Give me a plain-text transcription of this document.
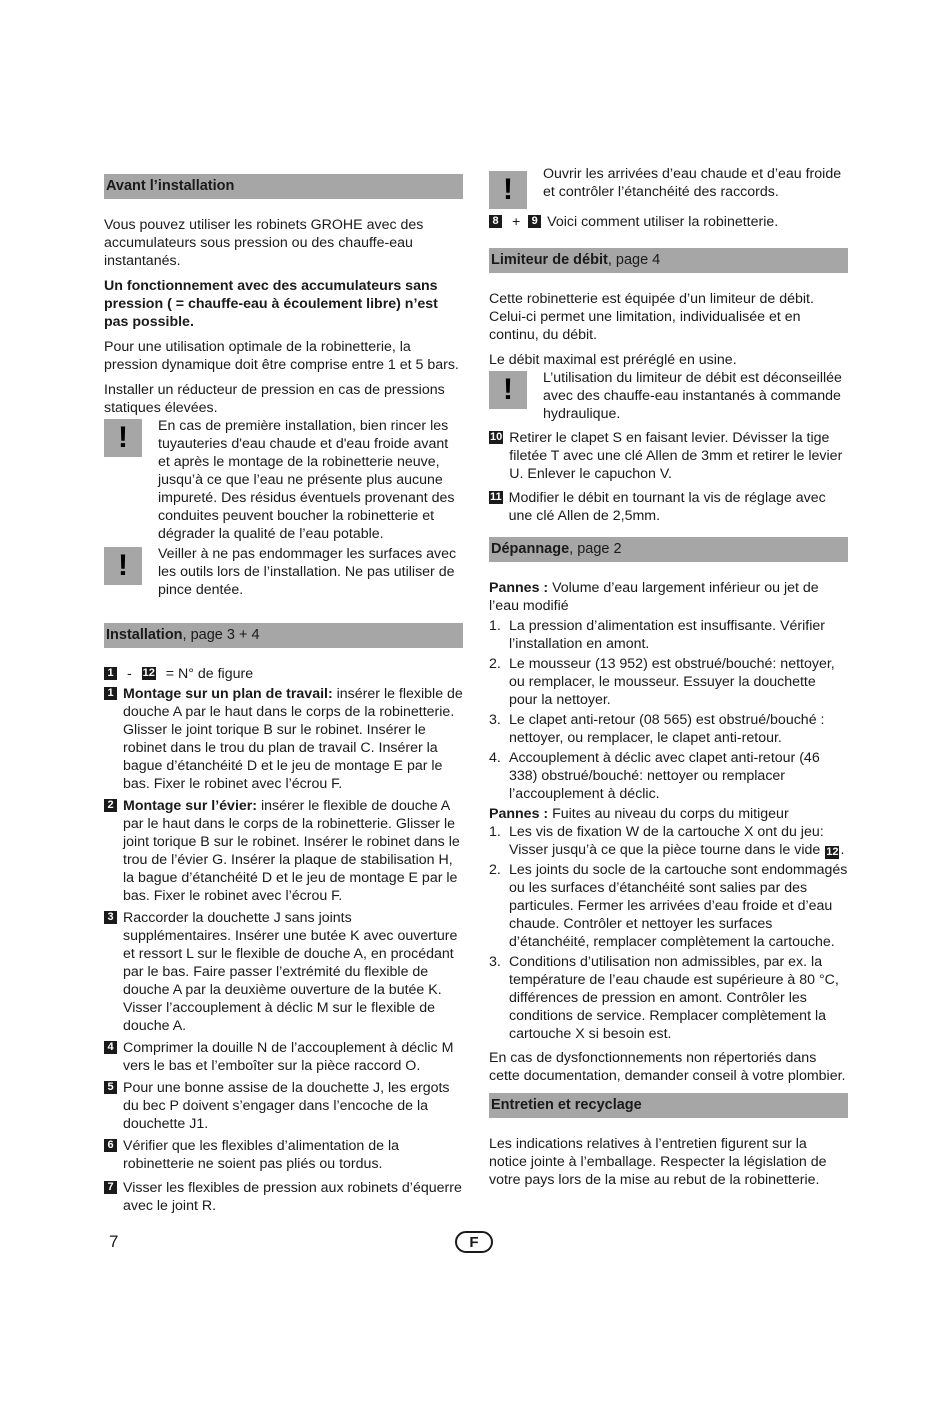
Avant l’installation

Vous pouvez utiliser les robinets GROHE avec des accumulateurs sous pression ou des chauffe-eau instantanés.

Un fonctionnement avec des accumulateurs sans pression ( = chauffe-eau à écoulement libre) n’est pas possible.

Pour une utilisation optimale de la robinetterie, la pression dynamique doit être comprise entre 1 et 5 bars.

Installer un réducteur de pression en cas de pressions statiques élevées.

!	En cas de première installation, bien rincer les tuyauteries d'eau chaude et d'eau froide avant et après le montage de la robinetterie neuve, jusqu’à ce que l’eau ne présente plus aucune impureté. Des résidus éventuels provenant des conduites peuvent boucher la robinetterie et dégrader la qualité de l’eau potable.
!	Veiller à ne pas endommager les surfaces avec les outils lors de l’installation. Ne pas utiliser de pince dentée.
Installation, page 3 + 4
1 - 12 = N° de figure
1 Montage sur un plan de travail: insérer le flexible de douche A par le haut dans le corps de la robinetterie. Glisser le joint torique B sur le robinet. Insérer le robinet dans le trou du plan de travail C. Insérer la bague d’étanchéité D et le jeu de montage E par le bas. Fixer le robinet avec l’écrou F.
2 Montage sur l’évier: insérer le flexible de douche A par le haut dans le corps de la robinetterie. Glisser le joint torique B sur le robinet. Insérer le robinet dans le trou de l’évier G. Insérer la plaque de stabilisation H, la bague d’étanchéité D et le jeu de montage E par le bas. Fixer le robinet avec l’écrou F.
3 Raccorder la douchette J sans joints supplémentaires. Insérer une butée K avec ouverture et ressort L sur le flexible de douche A, en procédant par le bas. Faire passer l’extrémité du flexible de douche A par la deuxième ouverture de la butée K. Visser l’accouplement à déclic M sur le flexible de douche A.
4 Comprimer la douille N de l’accouplement à déclic M vers le bas et l’emboîter sur la pièce raccord O.
5 Pour une bonne assise de la douchette J, les ergots du bec P doivent s’engager dans l’encoche de la douchette J1.
6 Vérifier que les flexibles d’alimentation de la robinetterie ne soient pas pliés ou tordus.
7 Visser les flexibles de pression aux robinets d’équerre avec le joint R.
!	Ouvrir les arrivées d’eau chaude et d’eau froide et contrôler l’étanchéité des raccords.
8 + 9 Voici comment utiliser la robinetterie.
Limiteur de débit, page 4

Cette robinetterie est équipée d’un limiteur de débit. Celui-ci permet une limitation, individualisée et en continu, du débit.

Le débit maximal est préréglé en usine.

!	L’utilisation du limiteur de débit est déconseillée avec des chauffe-eau instantanés à commande hydraulique.
10 Retirer le clapet S en faisant levier. Dévisser la tige filetée T avec une clé Allen de 3mm et retirer le levier U. Enlever le capuchon V.
11 Modifier le débit en tournant la vis de réglage avec une clé Allen de 2,5mm.
Dépannage, page 2

Pannes : Volume d’eau largement inférieur ou jet de l’eau modifié

1. La pression d’alimentation est insuffisante. Vérifier l’installation en amont.
2. Le mousseur (13 952) est obstrué/bouché: nettoyer, ou remplacer, le mousseur. Essuyer la douchette pour la nettoyer.
3. Le clapet anti-retour (08 565) est obstrué/bouché : nettoyer, ou remplacer, le clapet anti-retour.
4. Accouplement à déclic avec clapet anti-retour (46 338) obstrué/bouché: nettoyer ou remplacer l’accouplement à déclic.

Pannes : Fuites au niveau du corps du mitigeur

1. Les vis de fixation W de la cartouche X ont du jeu: Visser jusqu’à ce que la pièce tourne dans le vide 12 .
2. Les joints du socle de la cartouche sont endommagés ou les surfaces d’étanchéité sont salies par des particules. Fermer les arrivées d’eau froide et d’eau chaude. Contrôler et nettoyer les surfaces d’étanchéité, remplacer complètement la cartouche.
3. Conditions d’utilisation non admissibles, par ex. la température de l’eau chaude est supérieure à 80 °C, différences de pression en amont. Contrôler les conditions de service. Remplacer complètement la cartouche X si besoin est.

En cas de dysfonctionnements non répertoriés dans cette documentation, demander conseil à votre plombier.

Entretien et recyclage

Les indications relatives à l’entretien figurent sur la notice jointe à l’emballage. Respecter la législation de votre pays lors de la mise au rebut de la robinetterie.

7	F
